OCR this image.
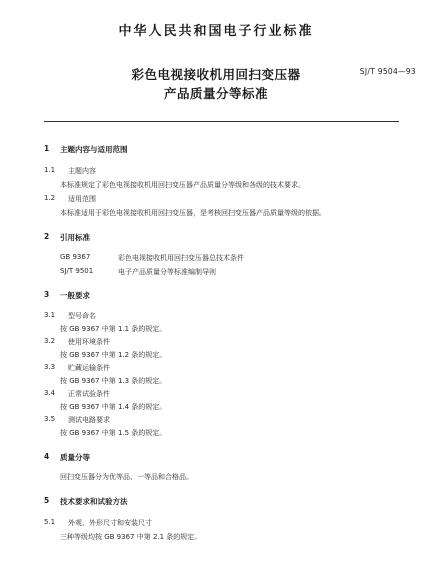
中华人民共和国电子行业标准
彩色电视接收机用回扫变压器
产品质量分等标准
SJ/T 9504—93
1 主题内容与适用范围
1.1 主题内容
本标准规定了彩色电视接收机用回扫变压器产品质量分等级和各级的技术要求。
1.2 适用范围
本标准适用于彩色电视接收机用回扫变压器，是考核回扫变压器产品质量等级的依据。
2 引用标准
GB 9367	彩色电视接收机用回扫变压器总技术条件
SJ/T 9501	电子产品质量分等标准编制导则
3 一般要求
3.1 型号命名
按 GB 9367 中第 1.1 条的规定。
3.2 使用环境条件
按 GB 9367 中第 1.2 条的规定。
3.3 贮藏运输条件
按 GB 9367 中第 1.3 条的规定。
3.4 正常试验条件
按 GB 9367 中第 1.4 条的规定。
3.5 测试电路要求
按 GB 9367 中第 1.5 条的规定。
4 质量分等
回扫变压器分为优等品、一等品和合格品。
5 技术要求和试验方法
5.1 外观、外形尺寸和安装尺寸
三种等级均按 GB 9367 中第 2.1 条的规定。
